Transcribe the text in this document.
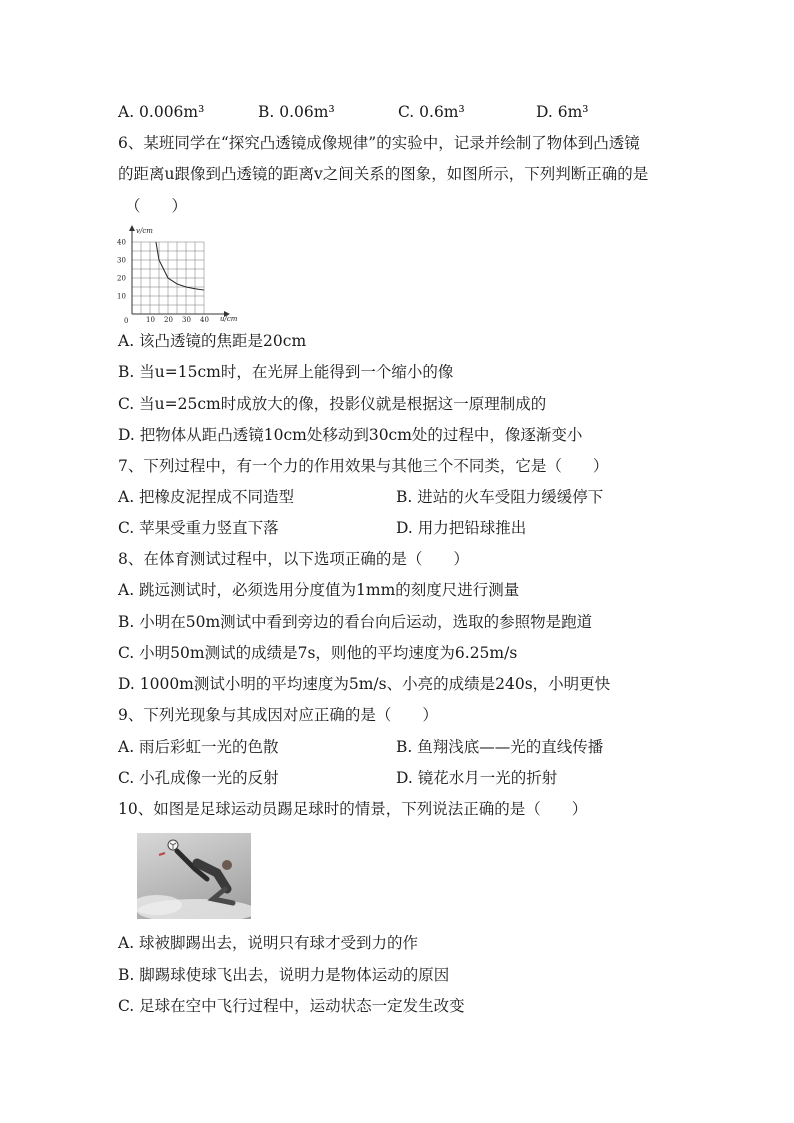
A. 0.006m³	B. 0.06m³	C. 0.6m³	D. 6m³
6、某班同学在“探究凸透镜成像规律”的实验中，记录并绘制了物体到凸透镜
的距离u跟像到凸透镜的距离v之间关系的图象，如图所示，下列判断正确的是
（　　）
v/cm
u/cm
0	10 20 30 40
10
20
30
40
A. 该凸透镜的焦距是20cm
B. 当u=15cm时，在光屏上能得到一个缩小的像
C. 当u=25cm时成放大的像，投影仪就是根据这一原理制成的
D. 把物体从距凸透镜10cm处移动到30cm处的过程中，像逐渐变小
7、下列过程中，有一个力的作用效果与其他三个不同类，它是（　　）
A. 把橡皮泥捏成不同造型	B. 进站的火车受阻力缓缓停下
C. 苹果受重力竖直下落	D. 用力把铅球推出
8、在体育测试过程中，以下选项正确的是（　　）
A. 跳远测试时，必须选用分度值为1mm的刻度尺进行测量
B. 小明在50m测试中看到旁边的看台向后运动，选取的参照物是跑道
C. 小明50m测试的成绩是7s，则他的平均速度为6.25m/s
D. 1000m测试小明的平均速度为5m/s、小亮的成绩是240s，小明更快
9、下列光现象与其成因对应正确的是（　　）
A. 雨后彩虹一光的色散	B. 鱼翔浅底——光的直线传播
C. 小孔成像一光的反射	D. 镜花水月一光的折射
10、如图是足球运动员踢足球时的情景，下列说法正确的是（　　）
A. 球被脚踢出去，说明只有球才受到力的作
B. 脚踢球使球飞出去，说明力是物体运动的原因
C. 足球在空中飞行过程中，运动状态一定发生改变
